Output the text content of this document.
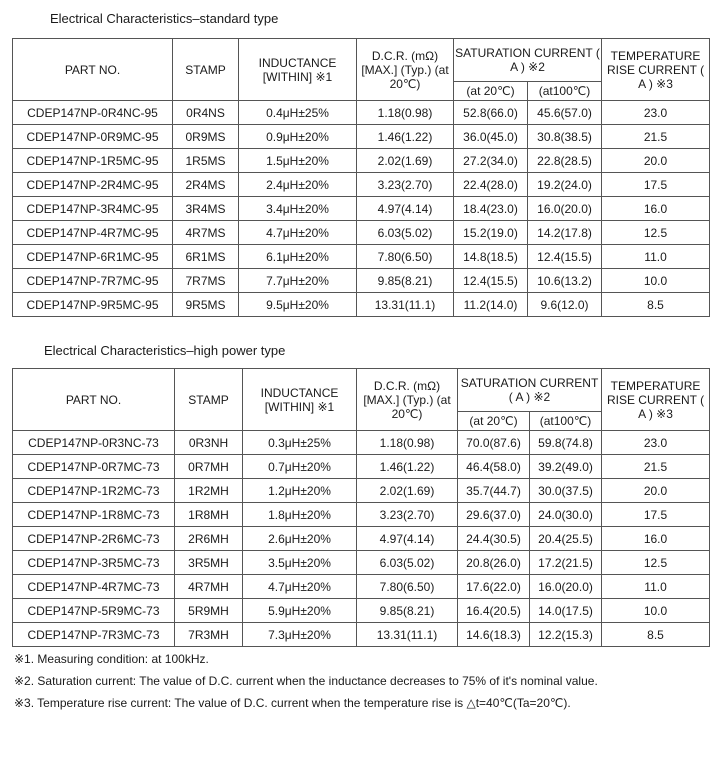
Electrical Characteristics–standard type
PART NO.	STAMP	INDUCTANCE [WITHIN] ※1	D.C.R. (mΩ) [MAX.] (Typ.) (at 20℃)	SATURATION CURRENT ( A ) ※2		TEMPERATURE RISE CURRENT ( A ) ※3
				(at 20℃)	(at100℃)	
CDEP147NP-0R4NC-95	0R4NS	0.4μH±25%	1.18(0.98)	52.8(66.0)	45.6(57.0)	23.0
CDEP147NP-0R9MC-95	0R9MS	0.9μH±20%	1.46(1.22)	36.0(45.0)	30.8(38.5)	21.5
CDEP147NP-1R5MC-95	1R5MS	1.5μH±20%	2.02(1.69)	27.2(34.0)	22.8(28.5)	20.0
CDEP147NP-2R4MC-95	2R4MS	2.4μH±20%	3.23(2.70)	22.4(28.0)	19.2(24.0)	17.5
CDEP147NP-3R4MC-95	3R4MS	3.4μH±20%	4.97(4.14)	18.4(23.0)	16.0(20.0)	16.0
CDEP147NP-4R7MC-95	4R7MS	4.7μH±20%	6.03(5.02)	15.2(19.0)	14.2(17.8)	12.5
CDEP147NP-6R1MC-95	6R1MS	6.1μH±20%	7.80(6.50)	14.8(18.5)	12.4(15.5)	11.0
CDEP147NP-7R7MC-95	7R7MS	7.7μH±20%	9.85(8.21)	12.4(15.5)	10.6(13.2)	10.0
CDEP147NP-9R5MC-95	9R5MS	9.5μH±20%	13.31(11.1)	11.2(14.0)	9.6(12.0)	8.5
Electrical Characteristics–high power type
PART NO.	STAMP	INDUCTANCE [WITHIN] ※1	D.C.R. (mΩ) [MAX.] (Typ.) (at 20℃)	SATURATION CURRENT ( A ) ※2		TEMPERATURE RISE CURRENT ( A ) ※3
				(at 20℃)	(at100℃)	
CDEP147NP-0R3NC-73	0R3NH	0.3μH±25%	1.18(0.98)	70.0(87.6)	59.8(74.8)	23.0
CDEP147NP-0R7MC-73	0R7MH	0.7μH±20%	1.46(1.22)	46.4(58.0)	39.2(49.0)	21.5
CDEP147NP-1R2MC-73	1R2MH	1.2μH±20%	2.02(1.69)	35.7(44.7)	30.0(37.5)	20.0
CDEP147NP-1R8MC-73	1R8MH	1.8μH±20%	3.23(2.70)	29.6(37.0)	24.0(30.0)	17.5
CDEP147NP-2R6MC-73	2R6MH	2.6μH±20%	4.97(4.14)	24.4(30.5)	20.4(25.5)	16.0
CDEP147NP-3R5MC-73	3R5MH	3.5μH±20%	6.03(5.02)	20.8(26.0)	17.2(21.5)	12.5
CDEP147NP-4R7MC-73	4R7MH	4.7μH±20%	7.80(6.50)	17.6(22.0)	16.0(20.0)	11.0
CDEP147NP-5R9MC-73	5R9MH	5.9μH±20%	9.85(8.21)	16.4(20.5)	14.0(17.5)	10.0
CDEP147NP-7R3MC-73	7R3MH	7.3μH±20%	13.31(11.1)	14.6(18.3)	12.2(15.3)	8.5
※1. Measuring condition: at 100kHz.
※2. Saturation current: The value of D.C. current when the inductance decreases to 75% of it's nominal value.
※3. Temperature rise current: The value of D.C. current when the temperature rise is △t=40℃(Ta=20℃).
